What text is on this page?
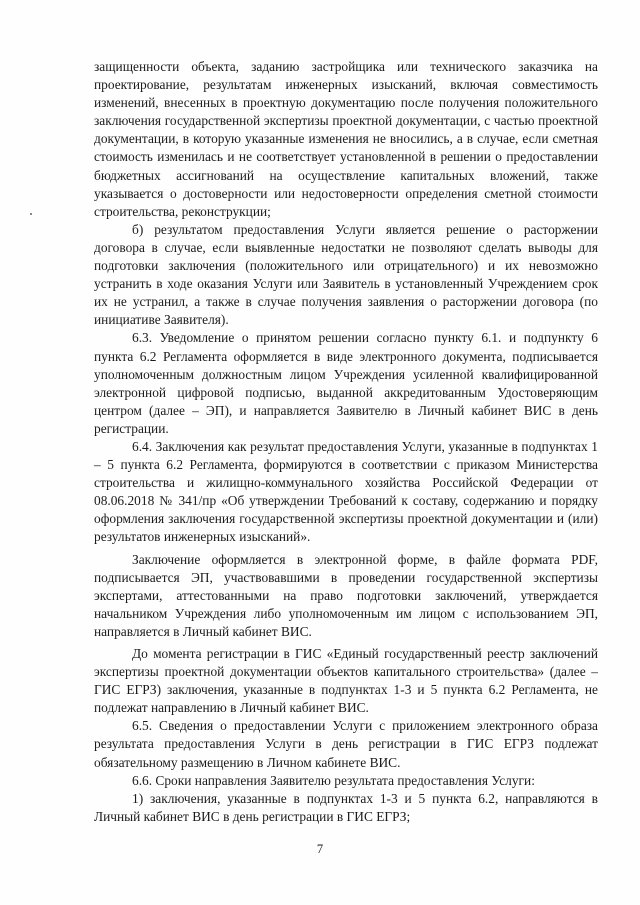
защищенности объекта, заданию застройщика или технического заказчика на проектирование, результатам инженерных изысканий, включая совместимость изменений, внесенных в проектную документацию после получения положительного заключения государственной экспертизы проектной документации, с частью проектной документации, в которую указанные изменения не вносились, а в случае, если сметная стоимость изменилась и не соответствует установленной в решении о предоставлении бюджетных ассигнований на осуществление капитальных вложений, также указывается о достоверности или недостоверности определения сметной стоимости строительства, реконструкции;

б) результатом предоставления Услуги является решение о расторжении договора в случае, если выявленные недостатки не позволяют сделать выводы для подготовки заключения (положительного или отрицательного) и их невозможно устранить в ходе оказания Услуги или Заявитель в установленный Учреждением срок их не устранил, а также в случае получения заявления о расторжении договора (по инициативе Заявителя).

6.3. Уведомление о принятом решении согласно пункту 6.1. и подпункту 6 пункта 6.2 Регламента оформляется в виде электронного документа, подписывается уполномоченным должностным лицом Учреждения усиленной квалифицированной электронной цифровой подписью, выданной аккредитованным Удостоверяющим центром (далее – ЭП), и направляется Заявителю в Личный кабинет ВИС в день регистрации.

6.4. Заключения как результат предоставления Услуги, указанные в подпунктах 1 – 5 пункта 6.2 Регламента, формируются в соответствии с приказом Министерства строительства и жилищно-коммунального хозяйства Российской Федерации от 08.06.2018 № 341/пр «Об утверждении Требований к составу, содержанию и порядку оформления заключения государственной экспертизы проектной документации и (или) результатов инженерных изысканий».

Заключение оформляется в электронной форме, в файле формата PDF, подписывается ЭП, участвовавшими в проведении государственной экспертизы экспертами, аттестованными на право подготовки заключений, утверждается начальником Учреждения либо уполномоченным им лицом с использованием ЭП, направляется в Личный кабинет ВИС.

До момента регистрации в ГИС «Единый государственный реестр заключений экспертизы проектной документации объектов капитального строительства» (далее – ГИС ЕГРЗ) заключения, указанные в подпунктах 1-3 и 5 пункта 6.2 Регламента, не подлежат направлению в Личный кабинет ВИС.

6.5. Сведения о предоставлении Услуги с приложением электронного образа результата предоставления Услуги в день регистрации в ГИС ЕГРЗ подлежат обязательному размещению в Личном кабинете ВИС.

6.6. Сроки направления Заявителю результата предоставления Услуги:

1) заключения, указанные в подпунктах 1-3 и 5 пункта 6.2, направляются в Личный кабинет ВИС в день регистрации в ГИС ЕГРЗ;

7
